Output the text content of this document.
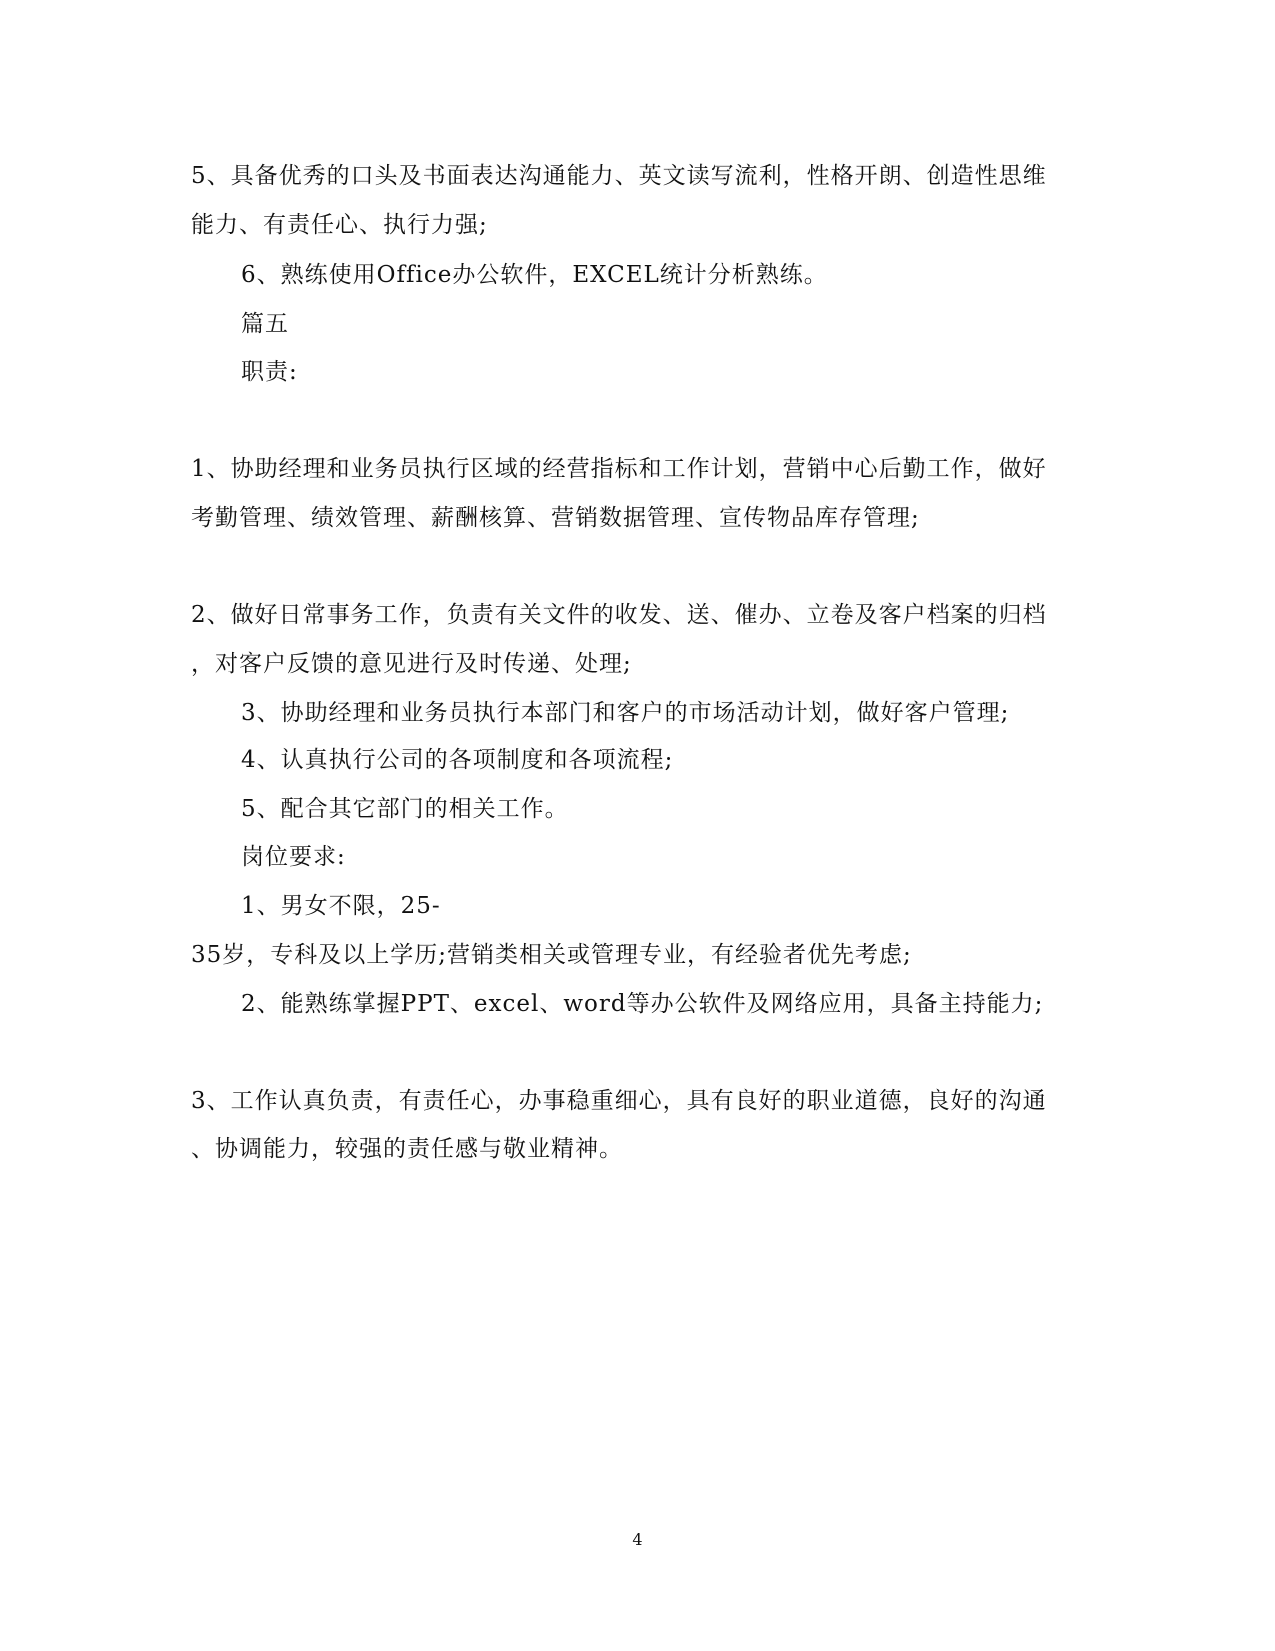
5、具备优秀的口头及书面表达沟通能力、英文读写流利，性格开朗、创造性思维
能力、有责任心、执行力强;
6、熟练使用Office办公软件，EXCEL统计分析熟练。
篇五
职责:
1、协助经理和业务员执行区域的经营指标和工作计划，营销中心后勤工作，做好
考勤管理、绩效管理、薪酬核算、营销数据管理、宣传物品库存管理;
2、做好日常事务工作，负责有关文件的收发、送、催办、立卷及客户档案的归档
，对客户反馈的意见进行及时传递、处理;
3、协助经理和业务员执行本部门和客户的市场活动计划，做好客户管理;
4、认真执行公司的各项制度和各项流程;
5、配合其它部门的相关工作。
岗位要求:
1、男女不限，25-
35岁，专科及以上学历;营销类相关或管理专业，有经验者优先考虑;
2、能熟练掌握PPT、excel、word等办公软件及网络应用，具备主持能力;
3、工作认真负责，有责任心，办事稳重细心，具有良好的职业道德，良好的沟通
、协调能力，较强的责任感与敬业精神。
4
